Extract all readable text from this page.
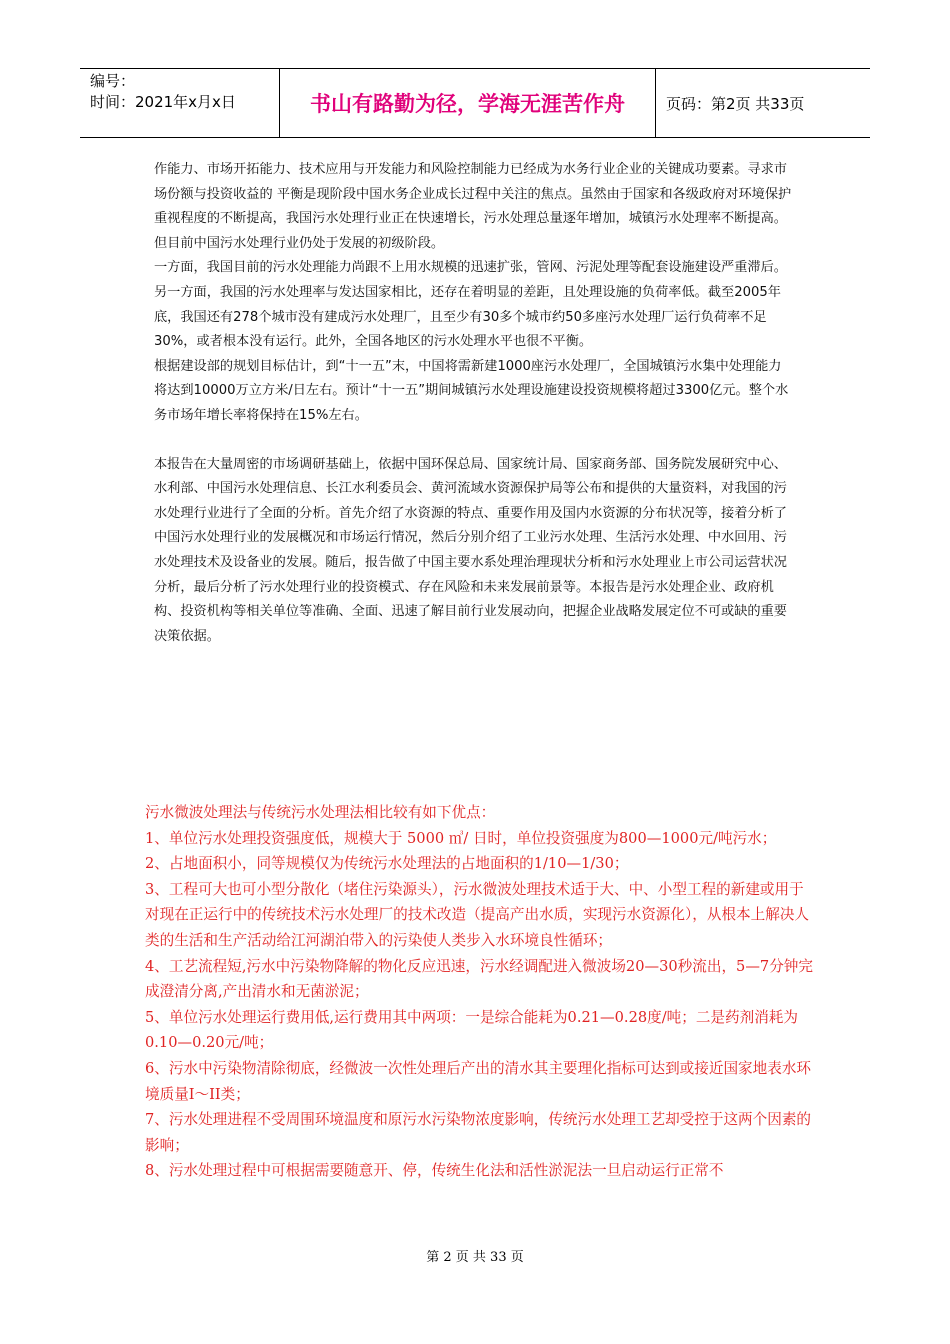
编号：
时间：2021年x月x日	书山有路勤为径，学海无涯苦作舟	页码：第2页 共33页

作能力、市场开拓能力、技术应用与开发能力和风险控制能力已经成为水务行业企业的关键成功要素。寻求市场份额与投资收益的 平衡是现阶段中国水务企业成长过程中关注的焦点。虽然由于国家和各级政府对环境保护重视程度的不断提高，我国污水处理行业正在快速增长，污水处理总量逐年增加，城镇污水处理率不断提高。但目前中国污水处理行业仍处于发展的初级阶段。

一方面，我国目前的污水处理能力尚跟不上用水规模的迅速扩张，管网、污泥处理等配套设施建设严重滞后。另一方面，我国的污水处理率与发达国家相比，还存在着明显的差距，且处理设施的负荷率低。截至2005年底，我国还有278个城市没有建成污水处理厂，且至少有30多个城市约50多座污水处理厂运行负荷率不足30%，或者根本没有运行。此外，全国各地区的污水处理水平也很不平衡。

根据建设部的规划目标估计，到“十一五”末，中国将需新建1000座污水处理厂，全国城镇污水集中处理能力将达到10000万立方米/日左右。预计“十一五”期间城镇污水处理设施建设投资规模将超过3300亿元。整个水务市场年增长率将保持在15%左右。

本报告在大量周密的市场调研基础上，依据中国环保总局、国家统计局、国家商务部、国务院发展研究中心、水利部、中国污水处理信息、长江水利委员会、黄河流域水资源保护局等公布和提供的大量资料，对我国的污水处理行业进行了全面的分析。首先介绍了水资源的特点、重要作用及国内水资源的分布状况等，接着分析了中国污水处理行业的发展概况和市场运行情况，然后分别介绍了工业污水处理、生活污水处理、中水回用、污水处理技术及设备业的发展。随后，报告做了中国主要水系处理治理现状分析和污水处理业上市公司运营状况分析，最后分析了污水处理行业的投资模式、存在风险和未来发展前景等。本报告是污水处理企业、政府机构、投资机构等相关单位等准确、全面、迅速了解目前行业发展动向，把握企业战略发展定位不可或缺的重要决策依据。

污水微波处理法与传统污水处理法相比较有如下优点：

1、单位污水处理投资强度低，规模大于 5000 ㎥/ 日时，单位投资强度为800—1000元/吨污水；

2、占地面积小，同等规模仅为传统污水处理法的占地面积的1/10—1/30；

3、工程可大也可小型分散化（堵住污染源头），污水微波处理技术适于大、中、小型工程的新建或用于对现在正运行中的传统技术污水处理厂的技术改造（提高产出水质，实现污水资源化），从根本上解决人类的生活和生产活动给江河湖泊带入的污染使人类步入水环境良性循环；

4、工艺流程短,污水中污染物降解的物化反应迅速，污水经调配进入微波场20—30秒流出，5—7分钟完成澄清分离,产出清水和无菌淤泥；

5、单位污水处理运行费用低,运行费用其中两项：一是综合能耗为0.21—0.28度/吨；二是药剂消耗为0.10—0.20元/吨；

6、污水中污染物清除彻底，经微波一次性处理后产出的清水其主要理化指标可达到或接近国家地表水环境质量I～II类；

7、污水处理进程不受周围环境温度和原污水污染物浓度影响，传统污水处理工艺却受控于这两个因素的影响；

8、污水处理过程中可根据需要随意开、停，传统生化法和活性淤泥法一旦启动运行正常不

第 2 页 共 33 页
